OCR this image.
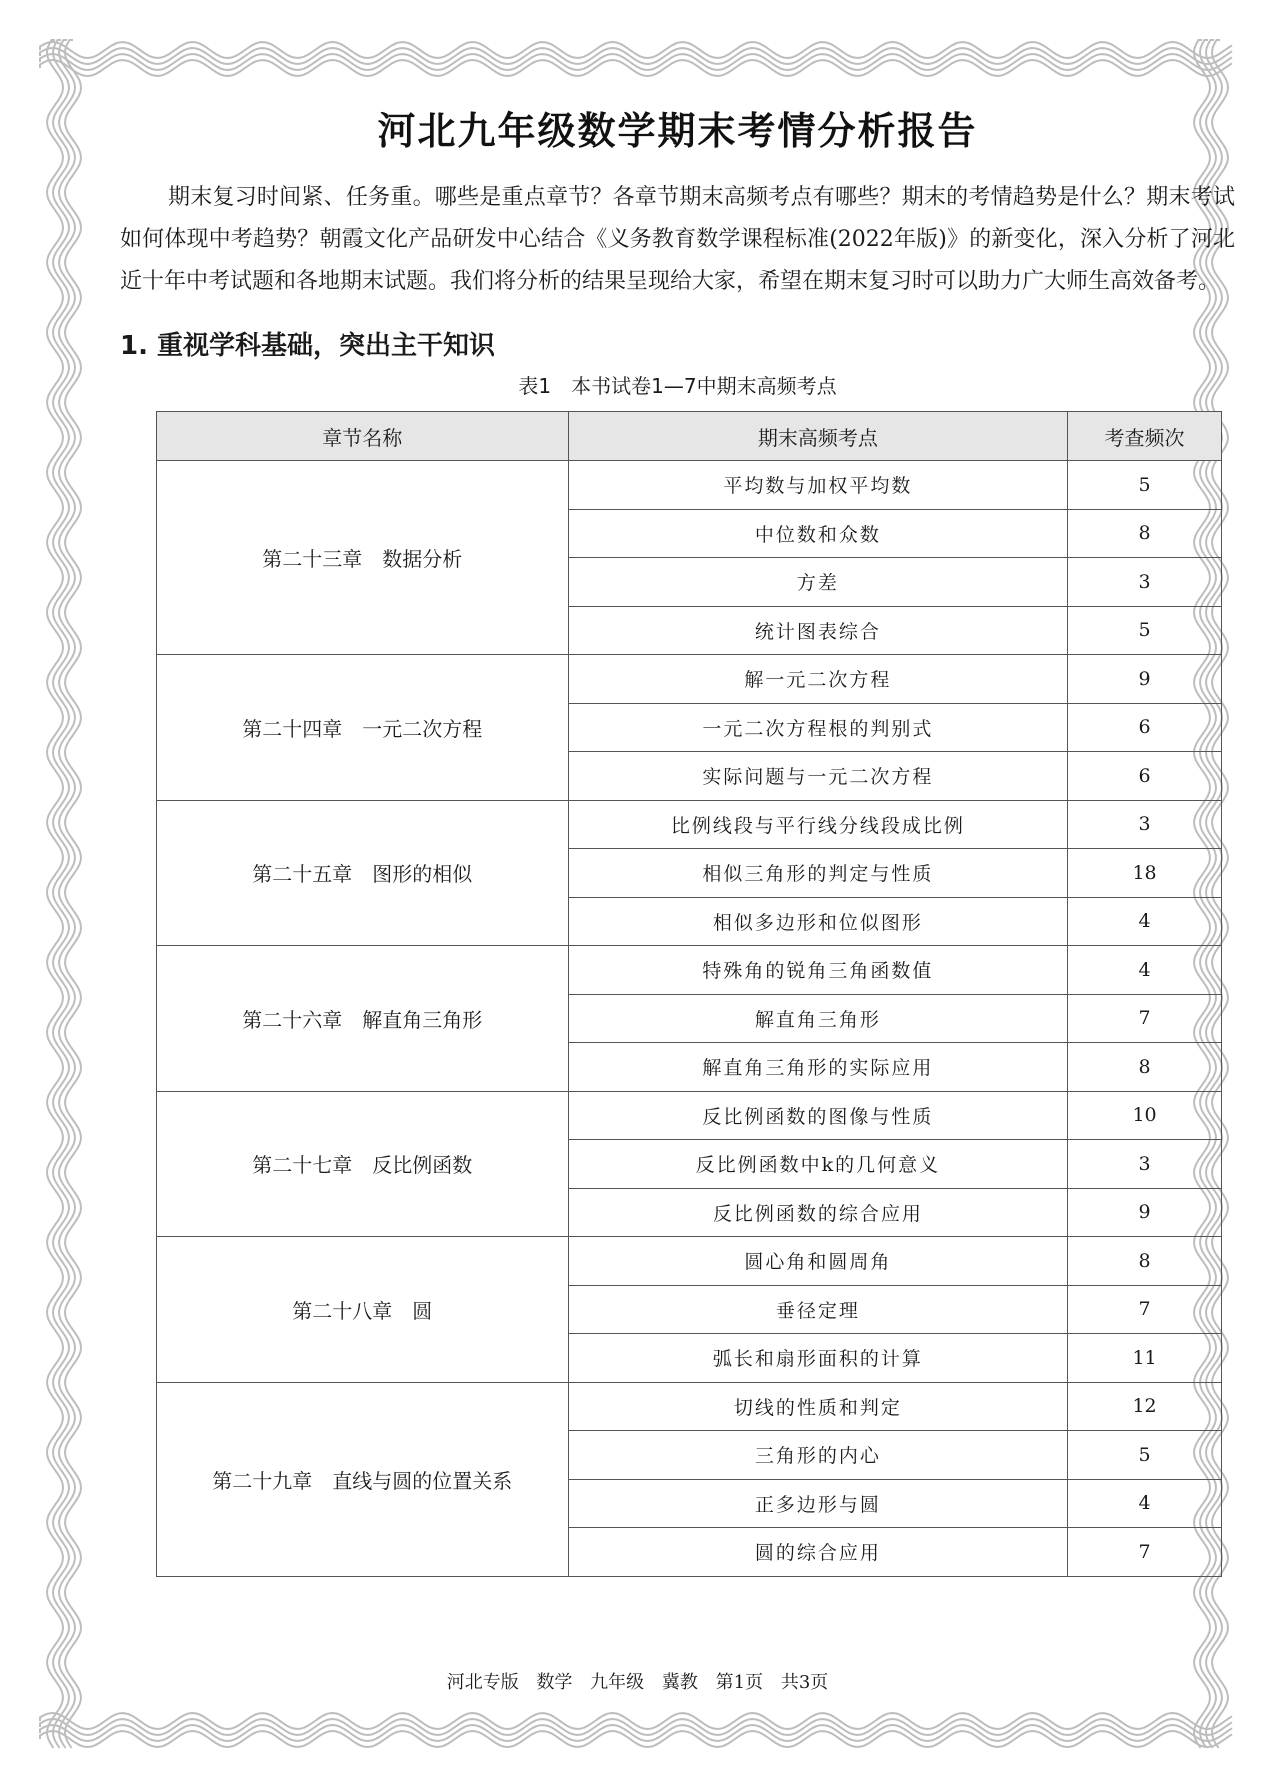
河北九年级数学期末考情分析报告

期末复习时间紧、任务重。哪些是重点章节？各章节期末高频考点有哪些？期末的考情趋势是什么？期末考试如何体现中考趋势？朝霞文化产品研发中心结合《义务教育数学课程标准(2022年版)》的新变化，深入分析了河北近十年中考试题和各地期末试题。我们将分析的结果呈现给大家，希望在期末复习时可以助力广大师生高效备考。

1. 重视学科基础，突出主干知识
表1　本书试卷1—7中期末高频考点
章节名称	期末高频考点	考查频次
第二十三章　数据分析	平均数与加权平均数	5
	中位数和众数	8
	方差	3
	统计图表综合	5
第二十四章　一元二次方程	解一元二次方程	9
	一元二次方程根的判别式	6
	实际问题与一元二次方程	6
第二十五章　图形的相似	比例线段与平行线分线段成比例	3
	相似三角形的判定与性质	18
	相似多边形和位似图形	4
第二十六章　解直角三角形	特殊角的锐角三角函数值	4
	解直角三角形	7
	解直角三角形的实际应用	8
第二十七章　反比例函数	反比例函数的图像与性质	10
	反比例函数中k的几何意义	3
	反比例函数的综合应用	9
第二十八章　圆	圆心角和圆周角	8
	垂径定理	7
	弧长和扇形面积的计算	11
第二十九章　直线与圆的位置关系	切线的性质和判定	12
	三角形的内心	5
	正多边形与圆	4
	圆的综合应用	7
河北专版 数学 九年级 冀教 第1页 共3页
